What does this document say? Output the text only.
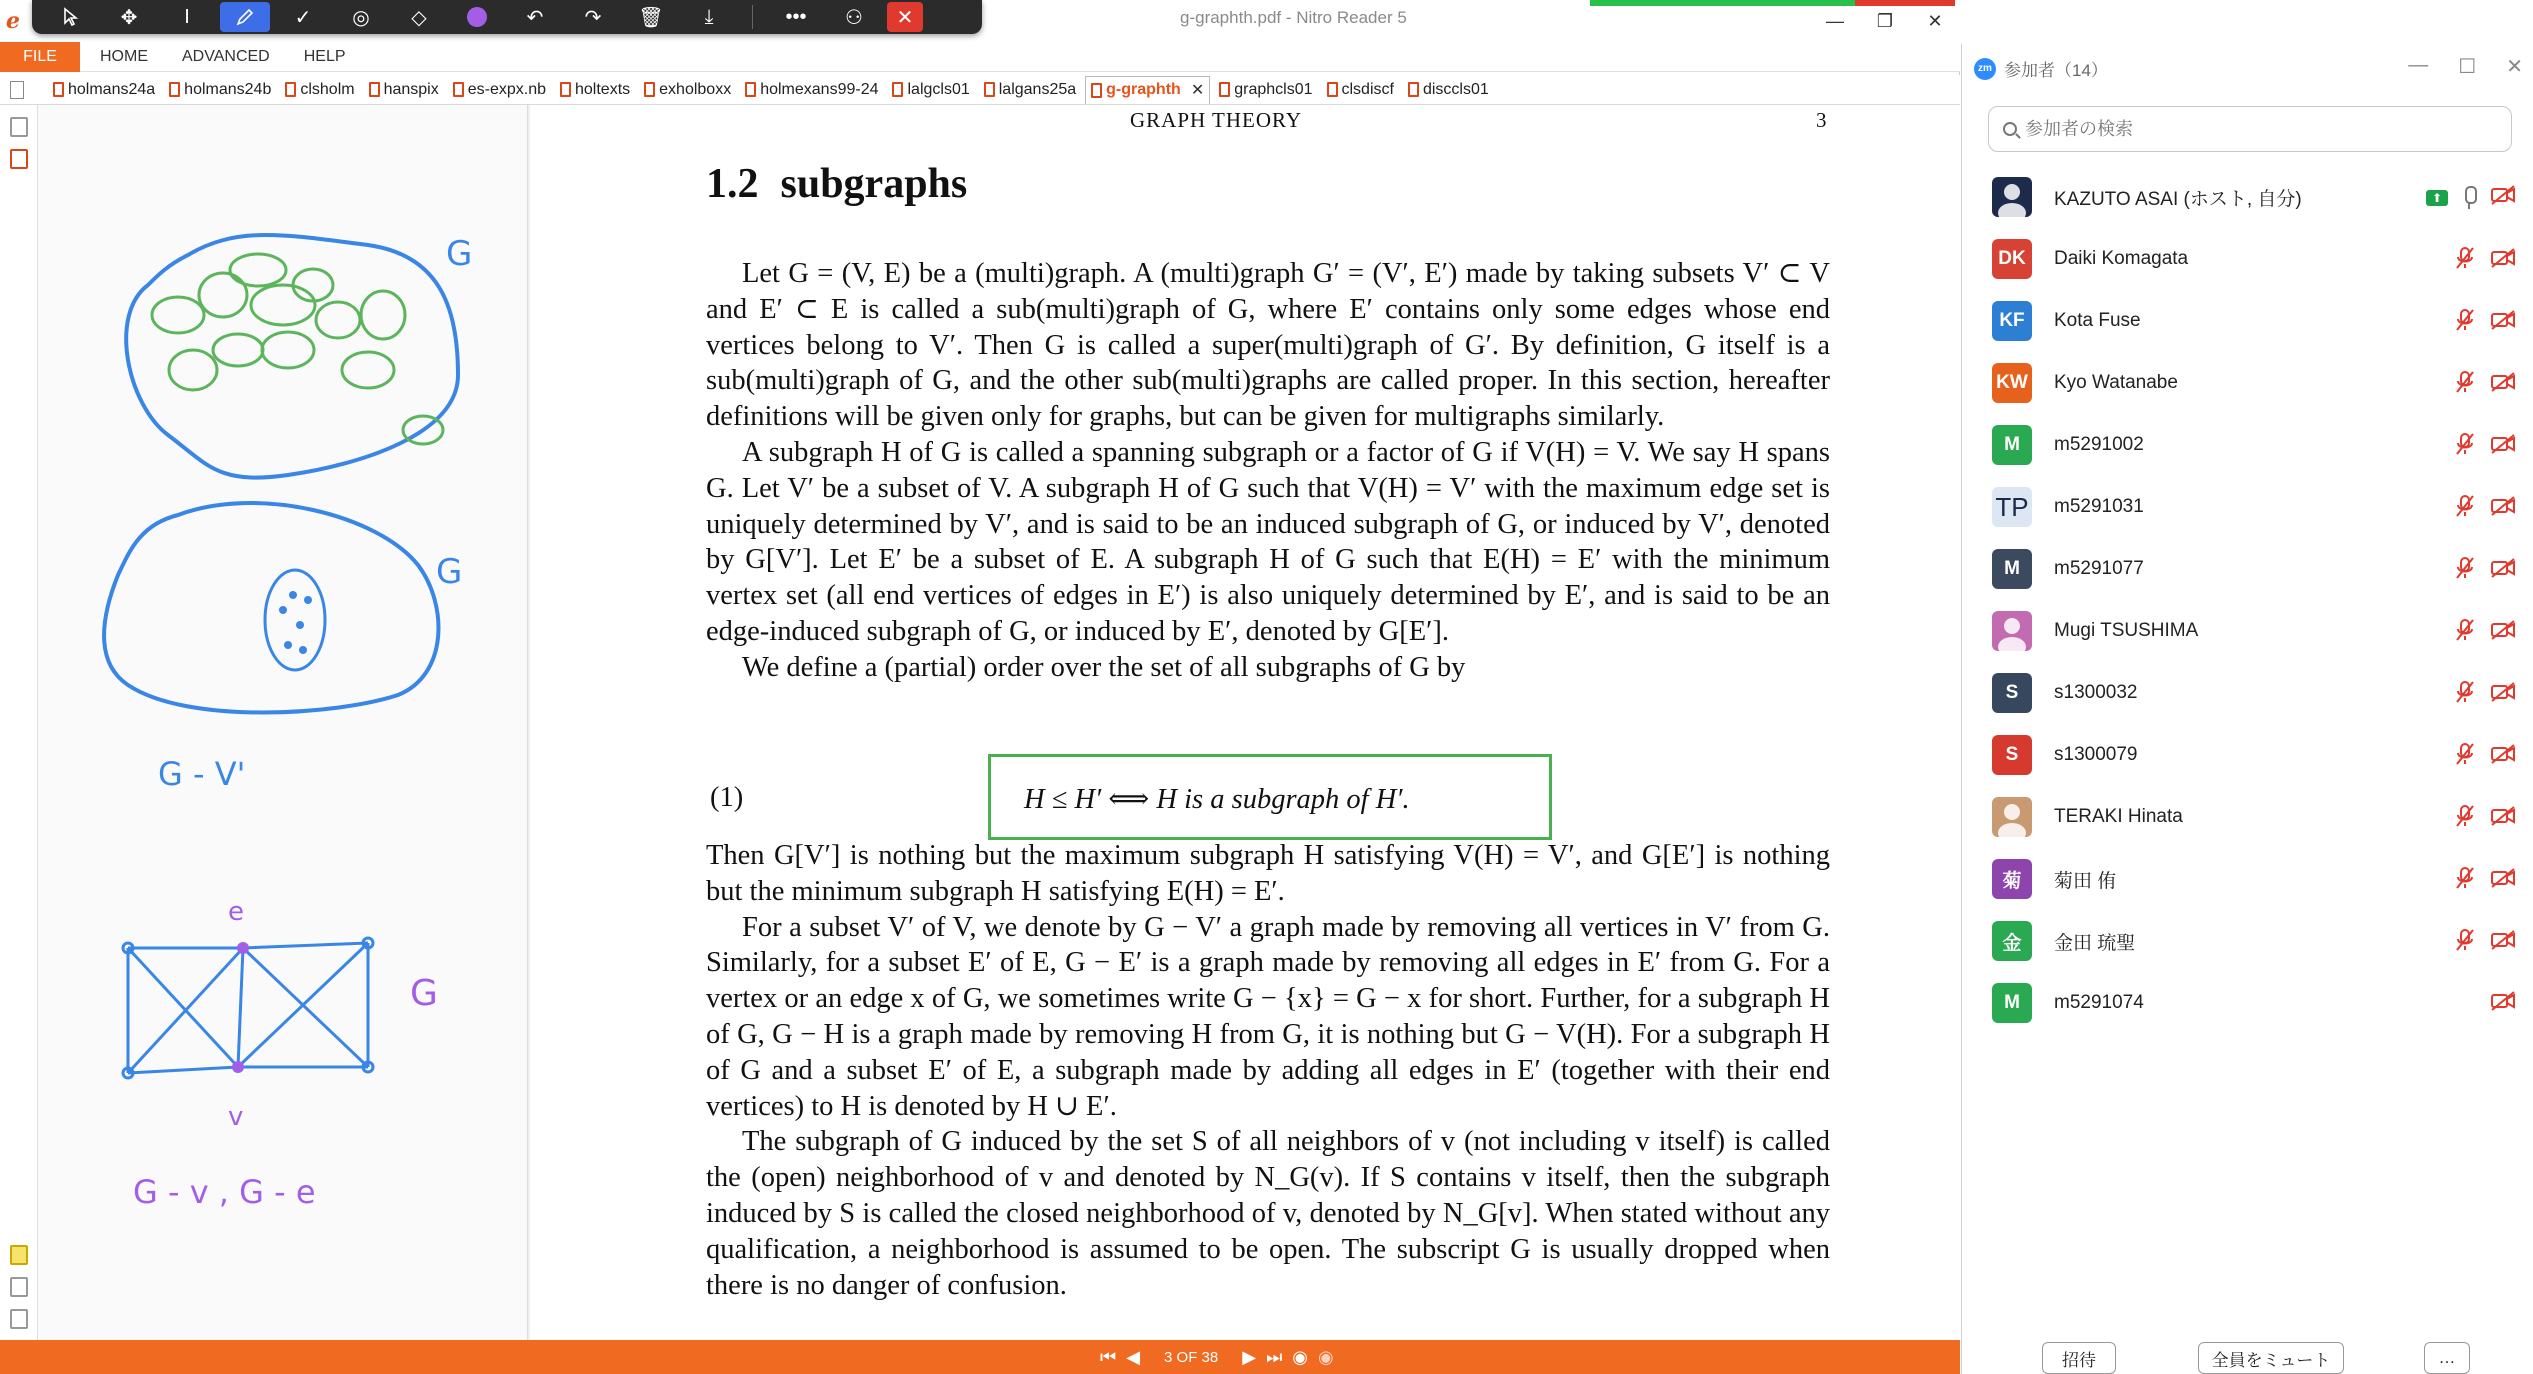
ℯ	g-graphth.pdf - Nitro Reader 5	—	❐	✕
✥	I	✓	◎	◇	↶	↷	🗑	⤓	•••	⚇	✕
FILE	HOME ADVANCED HELP
holmans24a holmans24b clsholm hanspix es-expx.nb holtexts exholboxx holmexans99-24 lalgcls01 lalgans25a g-graphth ✕ graphcls01 clsdiscf disccls01
G
G
G - V'
e
v
G
G - v , G - e
GRAPH THEORY	3
1.2 subgraphs

Let G = (V, E) be a (multi)graph. A (multi)graph G′ = (V′, E′) made by taking subsets V′ ⊂ V and E′ ⊂ E is called a sub(multi)graph of G, where E′ contains only some edges whose end vertices belong to V′. Then G is called a super(multi)graph of G′. By definition, G itself is a sub(multi)graph of G, and the other sub(multi)graphs are called proper. In this section, hereafter definitions will be given only for graphs, but can be given for multigraphs similarly.

A subgraph H of G is called a spanning subgraph or a factor of G if V(H) = V. We say H spans G. Let V′ be a subset of V. A subgraph H of G such that V(H) = V′ with the maximum edge set is uniquely determined by V′, and is said to be an induced subgraph of G, or induced by V′, denoted by G[V′]. Let E′ be a subset of E. A subgraph H of G such that E(H) = E′ with the minimum vertex set (all end vertices of edges in E′) is also uniquely determined by E′, and is said to be an edge-induced subgraph of G, or induced by E′, denoted by G[E′].

We define a (partial) order over the set of all subgraphs of G by

(1)	H ≤ H′ ⟺ H is a subgraph of H′.

Then G[V′] is nothing but the maximum subgraph H satisfying V(H) = V′, and G[E′] is nothing but the minimum subgraph H satisfying E(H) = E′.

For a subset V′ of V, we denote by G − V′ a graph made by removing all vertices in V′ from G. Similarly, for a subset E′ of E, G − E′ is a graph made by removing all edges in E′ from G. For a vertex or an edge x of G, we sometimes write G − {x} = G − x for short. Further, for a subgraph H of G, G − H is a graph made by removing H from G, it is nothing but G − V(H). For a subgraph H of G and a subset E′ of E, a subgraph made by adding all edges in E′ (together with their end vertices) to H is denoted by H ∪ E′.

The subgraph of G induced by the set S of all neighbors of v (not including v itself) is called the (open) neighborhood of v and denoted by N_G(v). If S contains v itself, then the subgraph induced by S is called the closed neighborhood of v, denoted by N_G[v]. When stated without any qualification, a neighborhood is assumed to be open. The subscript G is usually dropped when there is no danger of confusion.

⏮ ◀ 3 OF 38 ▶ ⏭ ◉ ◉
zm 参加者（14）	— ☐ ✕
参加者の検索
KAZUTO ASAI (ホスト, 自分)	⬆
DK Daiki Komagata
KF Kota Fuse
KW Kyo Watanabe
M m5291002
TP m5291031
M m5291077
Mugi TSUSHIMA
S s1300032
S s1300079
TERAKI Hinata
菊 菊田 侑
金 金田 琉聖
M m5291074
招待	全員をミュート	…
